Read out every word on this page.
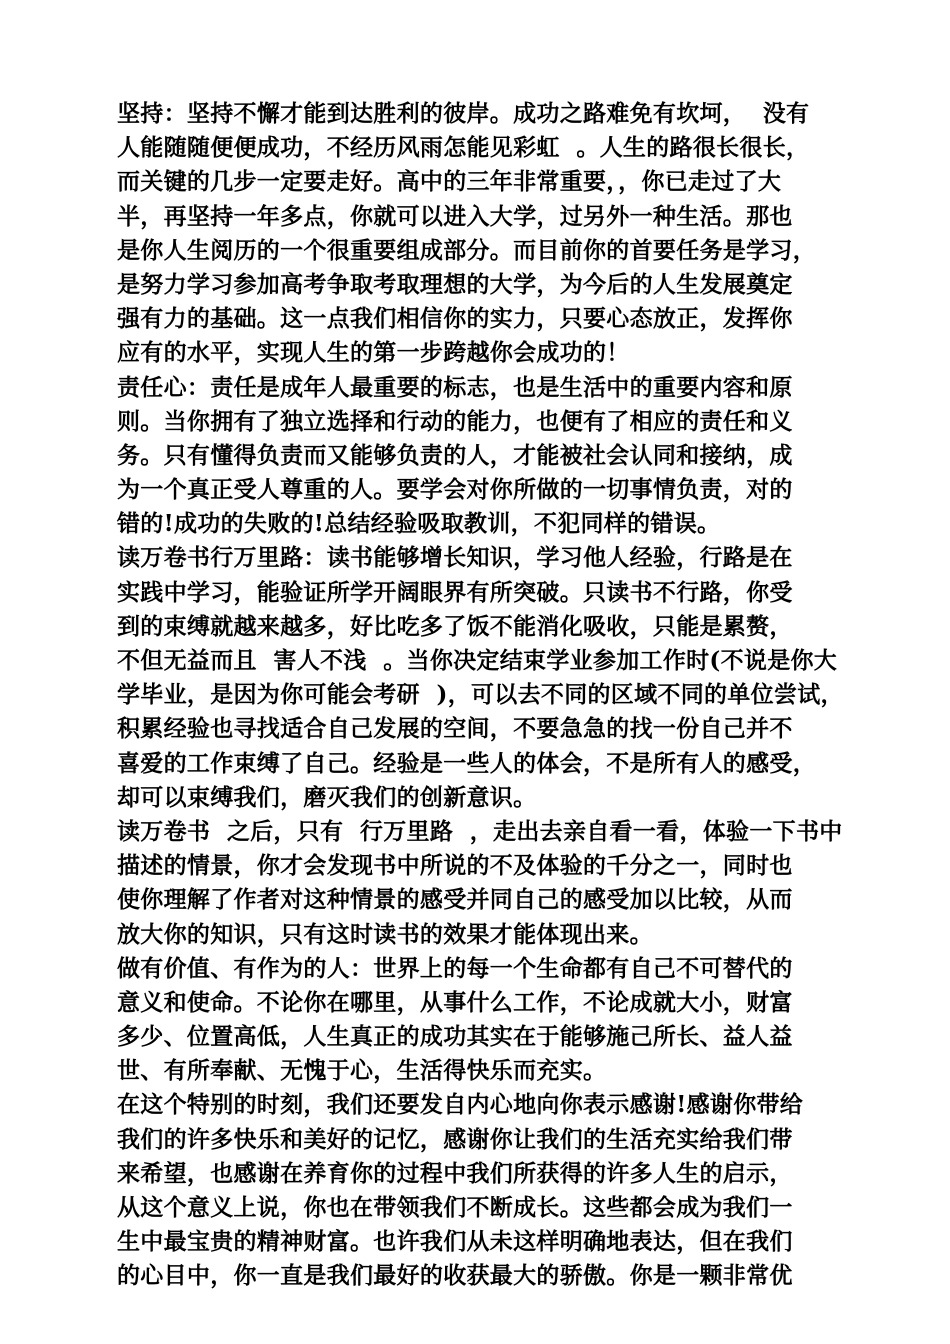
坚持：坚持不懈才能到达胜利的彼岸。成功之路难免有坎坷，  没有
人能随随便便成功，不经历风雨怎能见彩虹  。人生的路很长很长，
而关键的几步一定要走好。高中的三年非常重要，，你已走过了大
半，再坚持一年多点，你就可以进入大学，过另外一种生活。那也
是你人生阅历的一个很重要组成部分。而目前你的首要任务是学习，
是努力学习参加高考争取考取理想的大学，为今后的人生发展奠定
强有力的基础。这一点我们相信你的实力，只要心态放正，发挥你
应有的水平，实现人生的第一步跨越你会成功的！
责任心：责任是成年人最重要的标志，也是生活中的重要内容和原
则。当你拥有了独立选择和行动的能力，也便有了相应的责任和义
务。只有懂得负责而又能够负责的人，才能被社会认同和接纳，成
为一个真正受人尊重的人。要学会对你所做的一切事情负责，对的
错的!成功的失败的!总结经验吸取教训，不犯同样的错误。
读万卷书行万里路：读书能够增长知识，学习他人经验，行路是在
实践中学习，能验证所学开阔眼界有所突破。只读书不行路，你受
到的束缚就越来越多，好比吃多了饭不能消化吸收，只能是累赘，
不但无益而且  害人不浅  。当你决定结束学业参加工作时(不说是你大
学毕业，是因为你可能会考研  )，可以去不同的区域不同的单位尝试，
积累经验也寻找适合自己发展的空间，不要急急的找一份自己并不
喜爱的工作束缚了自己。经验是一些人的体会，不是所有人的感受，
却可以束缚我们，磨灭我们的创新意识。
读万卷书  之后，只有  行万里路  ，走出去亲自看一看，体验一下书中
描述的情景，你才会发现书中所说的不及体验的千分之一，同时也
使你理解了作者对这种情景的感受并同自己的感受加以比较，从而
放大你的知识，只有这时读书的效果才能体现出来。
做有价值、有作为的人：世界上的每一个生命都有自己不可替代的
意义和使命。不论你在哪里，从事什么工作，不论成就大小，财富
多少、位置高低，人生真正的成功其实在于能够施己所长、益人益
世、有所奉献、无愧于心，生活得快乐而充实。
在这个特别的时刻，我们还要发自内心地向你表示感谢!感谢你带给
我们的许多快乐和美好的记忆，感谢你让我们的生活充实给我们带
来希望，也感谢在养育你的过程中我们所获得的许多人生的启示，
从这个意义上说，你也在带领我们不断成长。这些都会成为我们一
生中最宝贵的精神财富。也许我们从未这样明确地表达，但在我们
的心目中，你一直是我们最好的收获最大的骄傲。你是一颗非常优
